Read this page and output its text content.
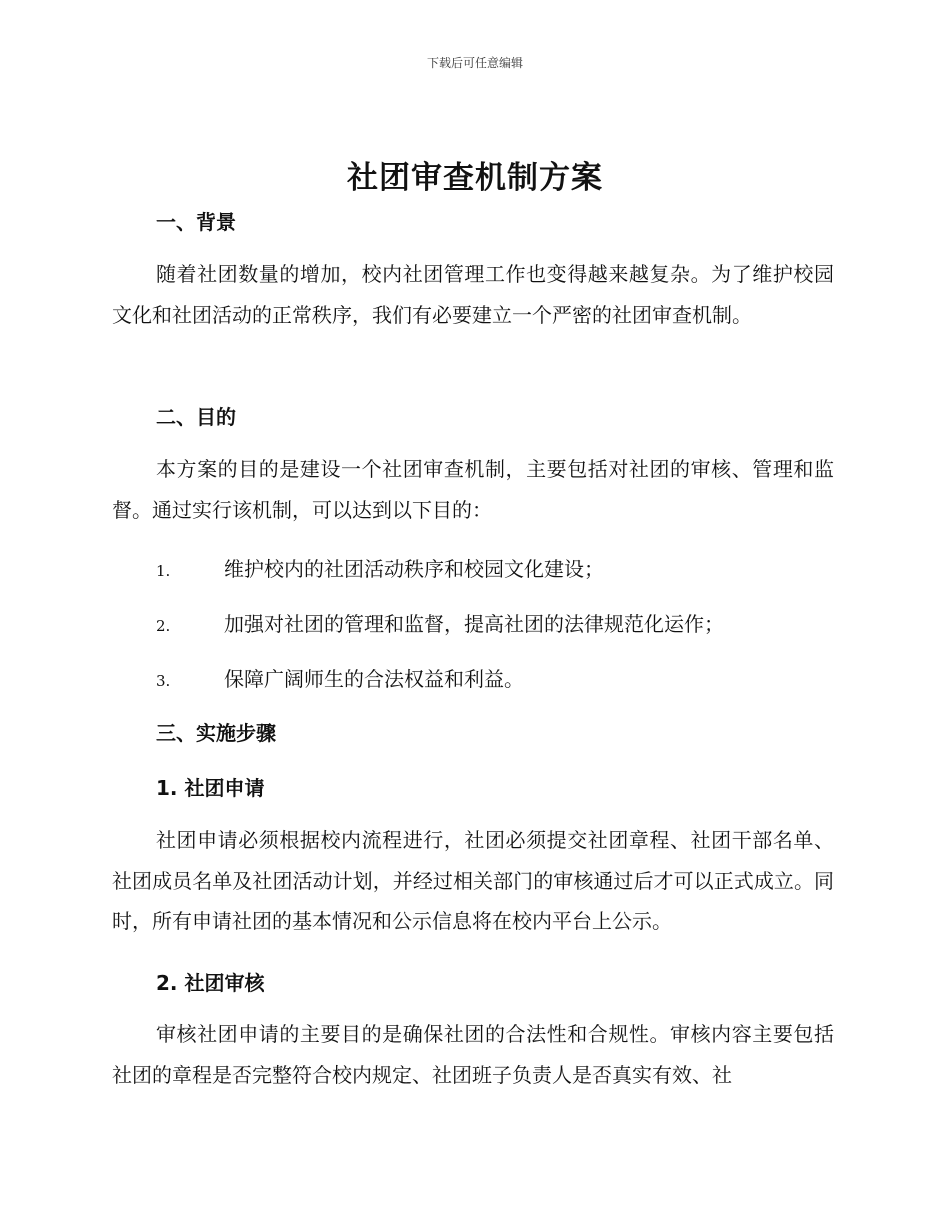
下载后可任意编辑
社团审查机制方案
一、背景
随着社团数量的增加，校内社团管理工作也变得越来越复杂。为了维护校园文化和社团活动的正常秩序，我们有必要建立一个严密的社团审查机制。
二、目的
本方案的目的是建设一个社团审查机制，主要包括对社团的审核、管理和监督。通过实行该机制，可以达到以下目的：
1.	维护校内的社团活动秩序和校园文化建设；
2.	加强对社团的管理和监督，提高社团的法律规范化运作；
3.	保障广阔师生的合法权益和利益。
三、实施步骤
1. 社团申请
社团申请必须根据校内流程进行，社团必须提交社团章程、社团干部名单、社团成员名单及社团活动计划，并经过相关部门的审核通过后才可以正式成立。同时，所有申请社团的基本情况和公示信息将在校内平台上公示。
2. 社团审核
审核社团申请的主要目的是确保社团的合法性和合规性。审核内容主要包括社团的章程是否完整符合校内规定、社团班子负责人是否真实有效、社
